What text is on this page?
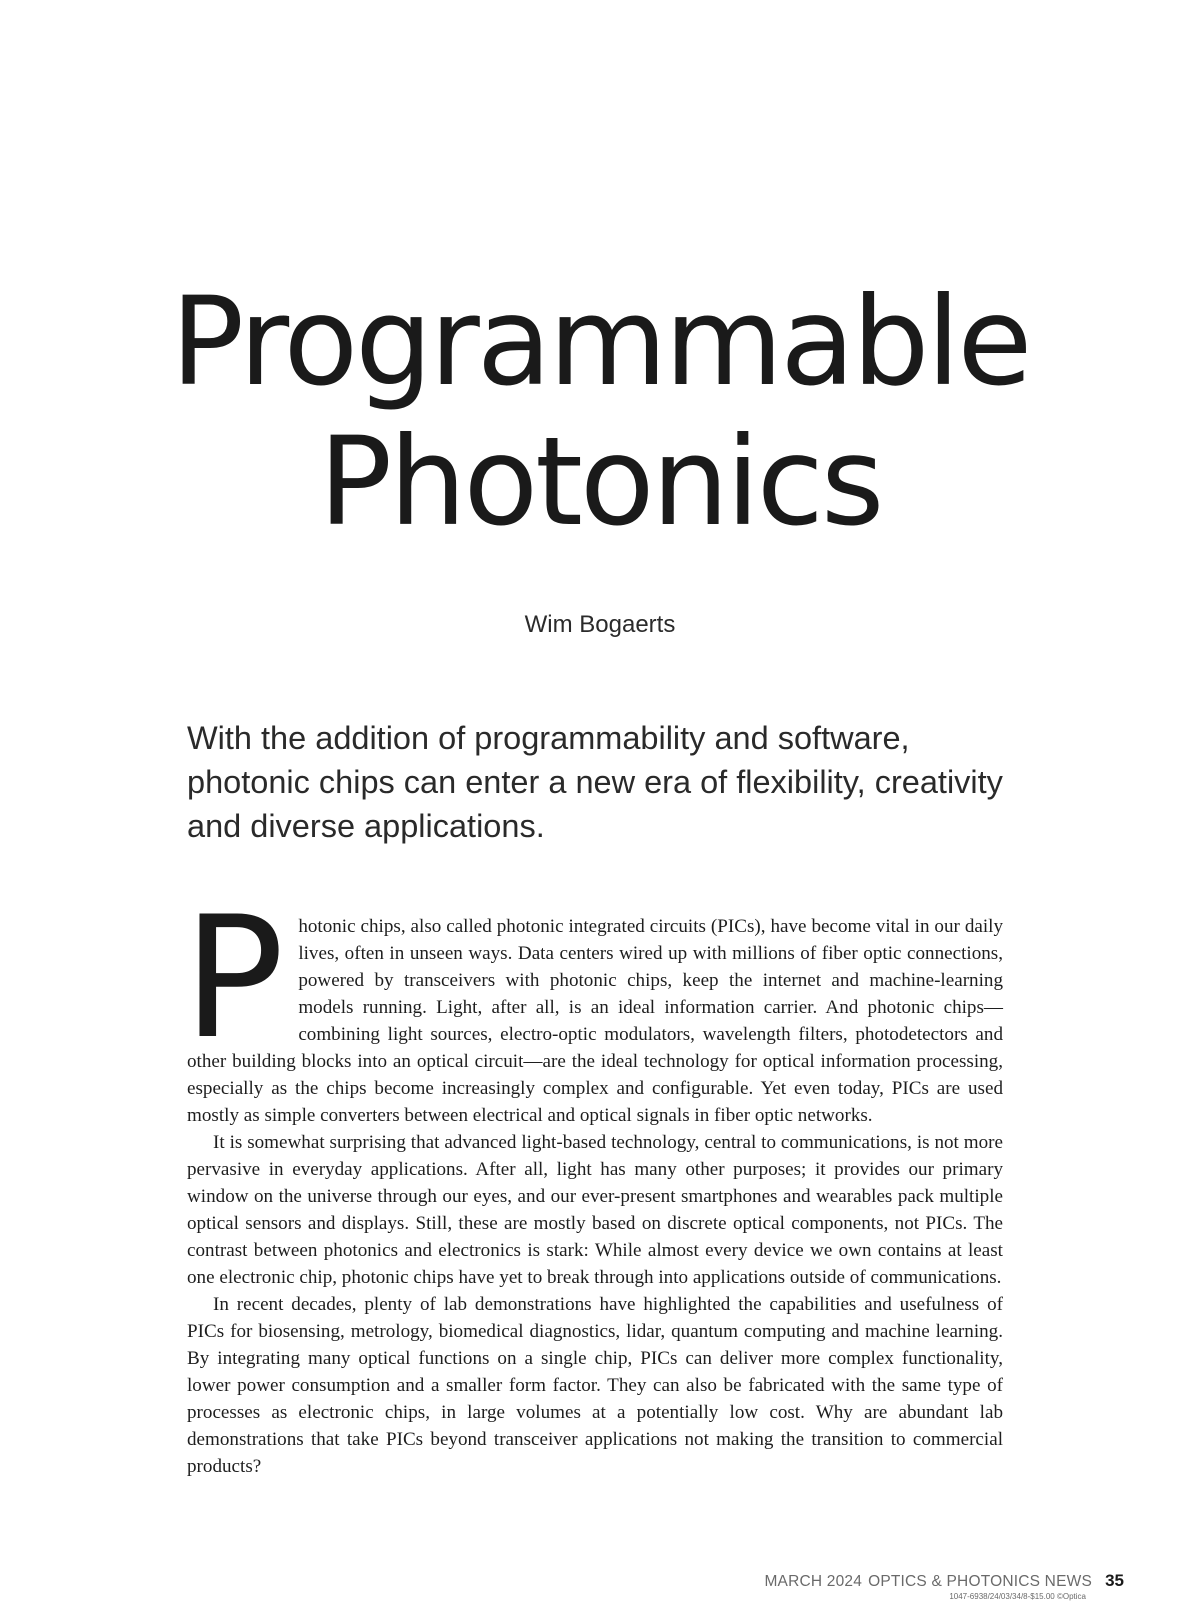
Programmable
Photonics
Wim Bogaerts

With the addition of programmability and software, photonic chips can enter a new era of flexibility, creativity and diverse applications.

Photonic chips, also called photonic integrated circuits (PICs), have become vital in our daily lives, often in unseen ways. Data centers wired up with millions of fiber optic connections, powered by transceivers with photonic chips, keep the internet and machine-learning models running. Light, after all, is an ideal information carrier. And photonic chips—combining light sources, electro-optic modulators, wavelength filters, photodetectors and other building blocks into an optical circuit—are the ideal technology for optical information processing, especially as the chips become increasingly complex and configurable. Yet even today, PICs are used mostly as simple converters between electrical and optical signals in fiber optic networks.

It is somewhat surprising that advanced light-based technology, central to communications, is not more pervasive in everyday applications. After all, light has many other purposes; it provides our primary window on the universe through our eyes, and our ever-present smartphones and wearables pack multiple optical sensors and displays. Still, these are mostly based on discrete optical components, not PICs. The contrast between photonics and electronics is stark: While almost every device we own contains at least one electronic chip, photonic chips have yet to break through into applications outside of communications.

In recent decades, plenty of lab demonstrations have highlighted the capabilities and usefulness of PICs for biosensing, metrology, biomedical diagnostics, lidar, quantum computing and machine learning. By integrating many optical functions on a single chip, PICs can deliver more complex functionality, lower power consumption and a smaller form factor. They can also be fabricated with the same type of processes as electronic chips, in large volumes at a potentially low cost. Why are abundant lab demonstrations that take PICs beyond transceiver applications not making the transition to commercial products?

MARCH 2024 OPTICS & PHOTONICS NEWS 35
1047-6938/24/03/34/8-$15.00 ©Optica
